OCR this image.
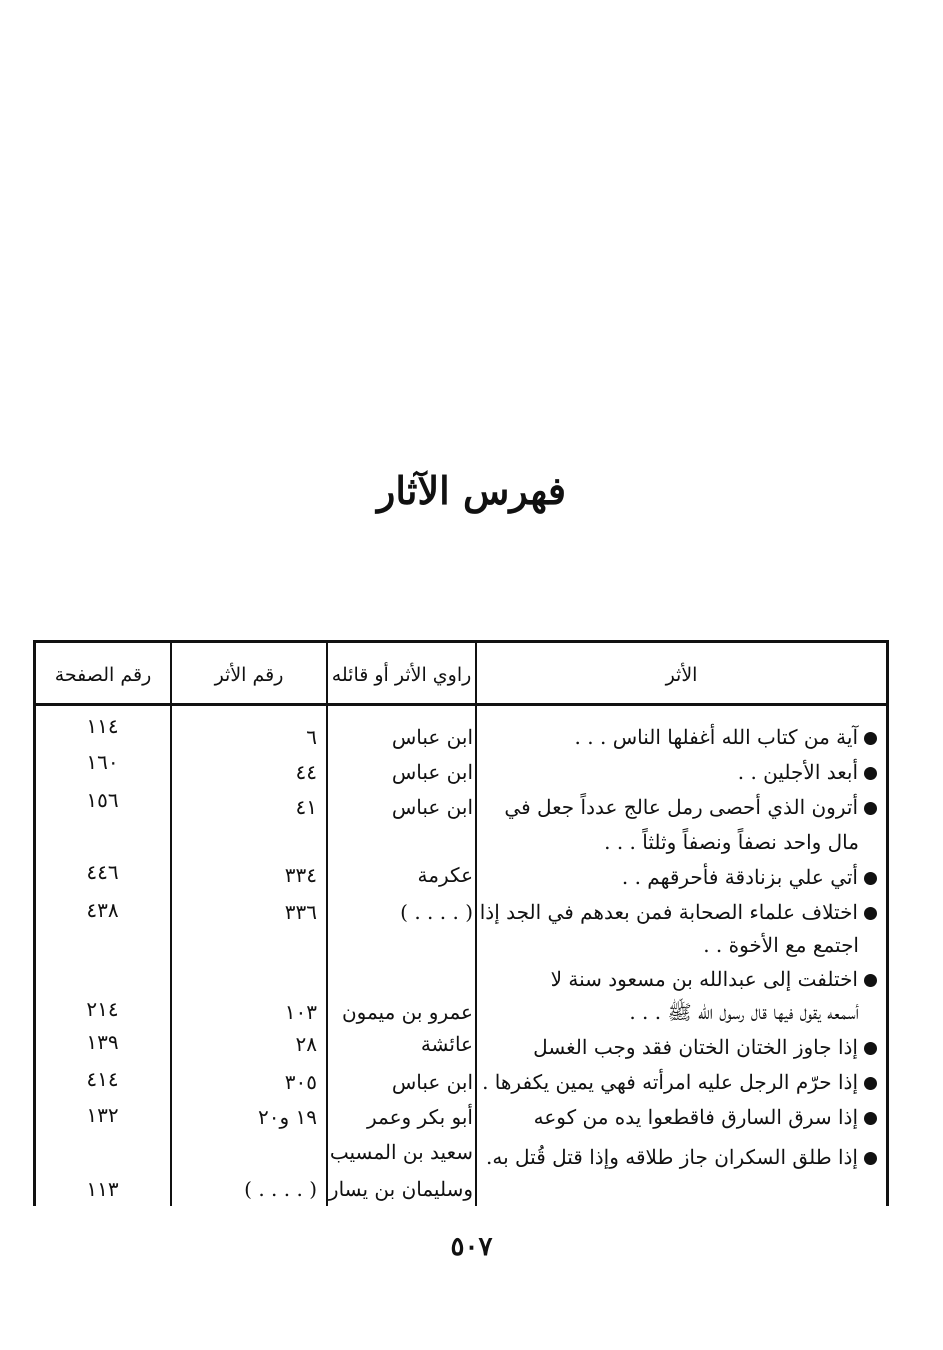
فهرس الآثار
الأثر
راوي الأثر أو قائله
رقم الأثر
رقم الصفحة
آية من كتاب الله أغفلها الناس . . .
ابن عباس
٦
١١٤
أبعد الأجلين . .
ابن عباس
٤٤
١٦٠
أترون الذي أحصى رمل عالج عدداً جعل في
مال واحد نصفاً ونصفاً وثلثاً . . .
ابن عباس
٤١
١٥٦
أتي علي بزنادقة فأحرقهم . .
عكرمة
٣٣٤
٤٤٦
اختلاف علماء الصحابة فمن بعدهم في الجد إذا
اجتمع مع الأخوة . .
( . . . . )
٣٣٦
٤٣٨
اختلفت إلى عبدالله بن مسعود سنة لا
أسمعه يقول فيها قال رسول الله ﷺ . . .
عمرو بن ميمون
١٠٣
٢١٤
إذا جاوز الختان الختان فقد وجب الغسل
عائشة
٢٨
١٣٩
إذا حرّم الرجل عليه امرأته فهي يمين يكفرها .
ابن عباس
٣٠٥
٤١٤
إذا سرق السارق فاقطعوا يده من كوعه
أبو بكر وعمر
١٩ و٢٠
١٣٢
إذا طلق السكران جاز طلاقه وإذا قتل قُتل به.
سعيد بن المسيب
وسليمان بن يسار
( . . . . )
١١٣
٥٠٧
